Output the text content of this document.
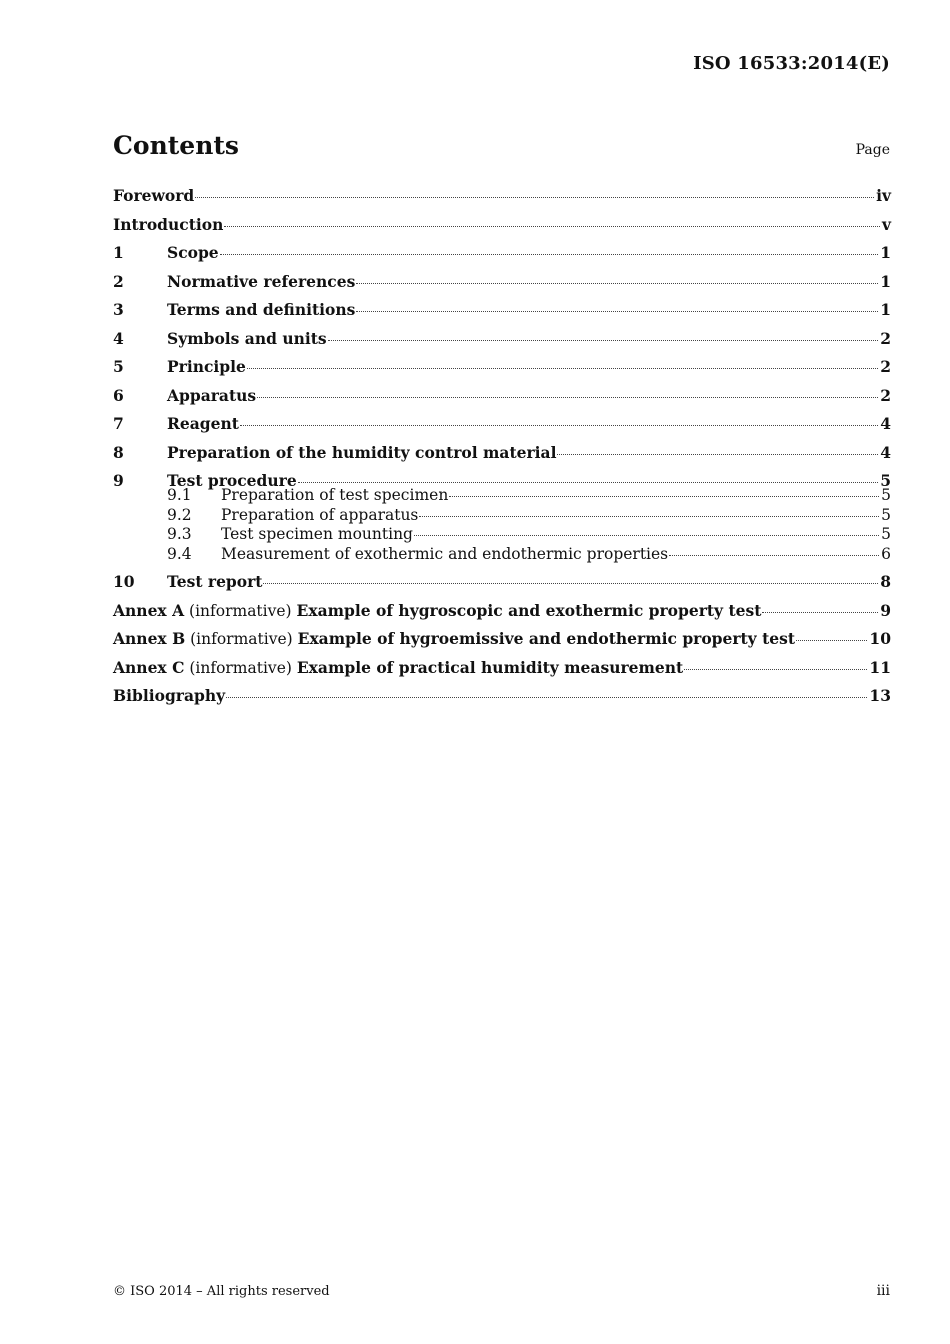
ISO 16533:2014(E)
Contents	Page
Foreword	iv
Introduction	v
1	Scope	1
2	Normative references	1
3	Terms and definitions	1
4	Symbols and units	2
5	Principle	2
6	Apparatus	2
7	Reagent	4
8	Preparation of the humidity control material	4
9	Test procedure	5
9.1	Preparation of test specimen	5
9.2	Preparation of apparatus	5
9.3	Test specimen mounting	5
9.4	Measurement of exothermic and endothermic properties	6
10	Test report	8
Annex A (informative) Example of hygroscopic and exothermic property test	9
Annex B (informative) Example of hygroemissive and endothermic property test	10
Annex C (informative) Example of practical humidity measurement	11
Bibliography	13
© ISO 2014 – All rights reserved	iii
